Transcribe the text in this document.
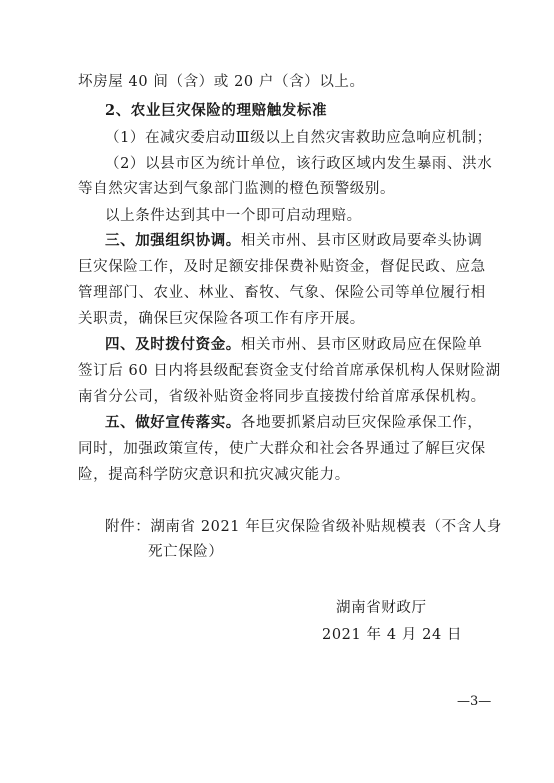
坏房屋 40 间（含）或 20 户（含）以上。
2、农业巨灾保险的理赔触发标准
（1）在减灾委启动Ⅲ级以上自然灾害救助应急响应机制；
（2）以县市区为统计单位，该行政区域内发生暴雨、洪水
等自然灾害达到气象部门监测的橙色预警级别。
以上条件达到其中一个即可启动理赔。
三、加强组织协调。相关市州、县市区财政局要牵头协调
巨灾保险工作，及时足额安排保费补贴资金，督促民政、应急
管理部门、农业、林业、畜牧、气象、保险公司等单位履行相
关职责，确保巨灾保险各项工作有序开展。
四、及时拨付资金。相关市州、县市区财政局应在保险单
签订后 60 日内将县级配套资金支付给首席承保机构人保财险湖
南省分公司，省级补贴资金将同步直接拨付给首席承保机构。
五、做好宣传落实。各地要抓紧启动巨灾保险承保工作，
同时，加强政策宣传，使广大群众和社会各界通过了解巨灾保
险，提高科学防灾意识和抗灾减灾能力。
附件：湖南省 2021 年巨灾保险省级补贴规模表（不含人身
死亡保险）
湖南省财政厅
2021 年 4 月 24 日
—3—
